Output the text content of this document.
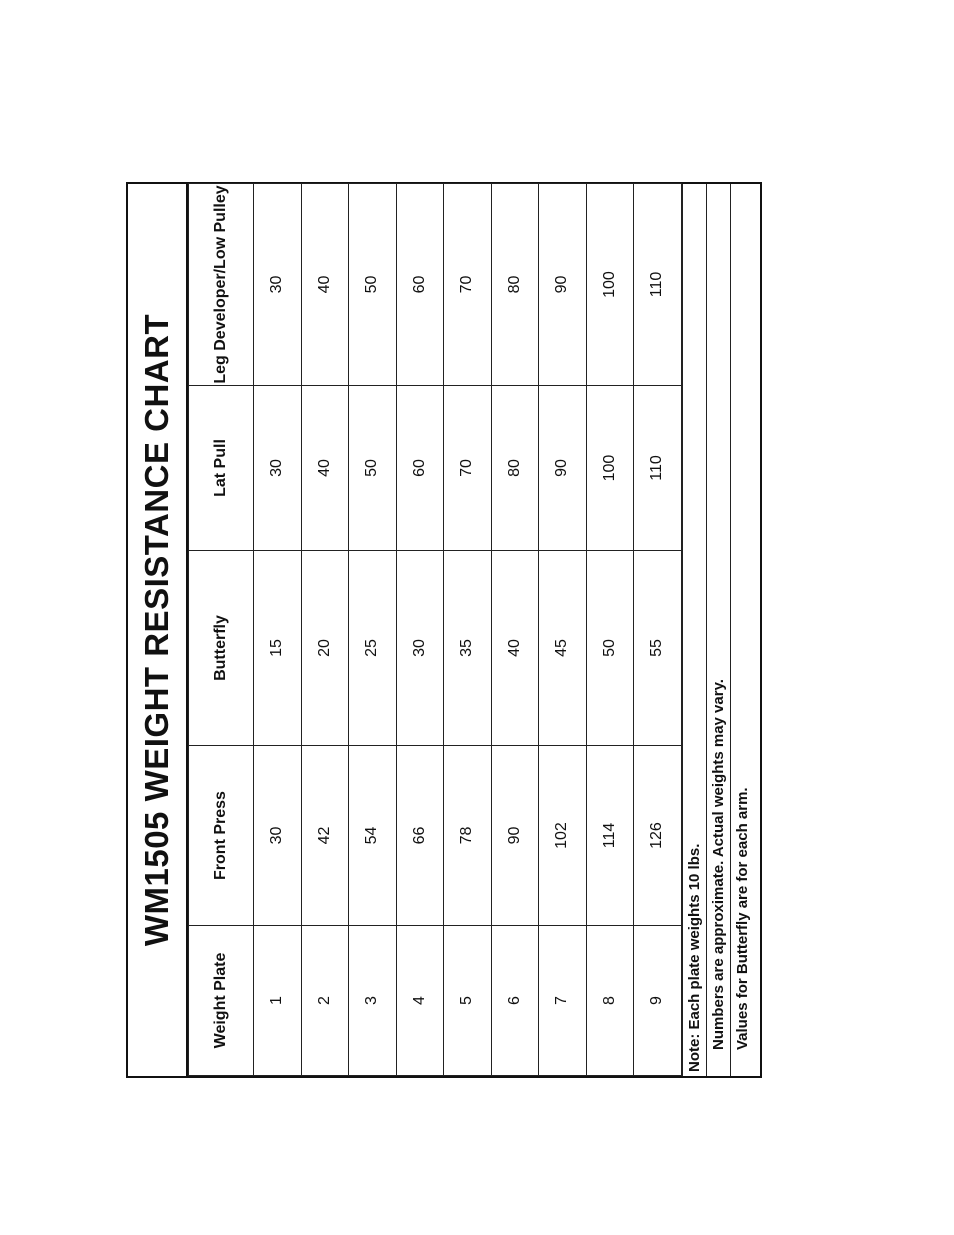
WM1505 WEIGHT RESISTANCE CHART
Weight Plate	Front Press	Butterfly	Lat Pull	Leg Developer/Low Pulley
1	30	15	30	30
2	42	20	40	40
3	54	25	50	50
4	66	30	60	60
5	78	35	70	70
6	90	40	80	80
7	102	45	90	90
8	114	50	100	100
9	126	55	110	110
Note: Each plate weights 10 lbs. Numbers are approximate. Actual weights may vary. Values for Butterfly are for each arm.
